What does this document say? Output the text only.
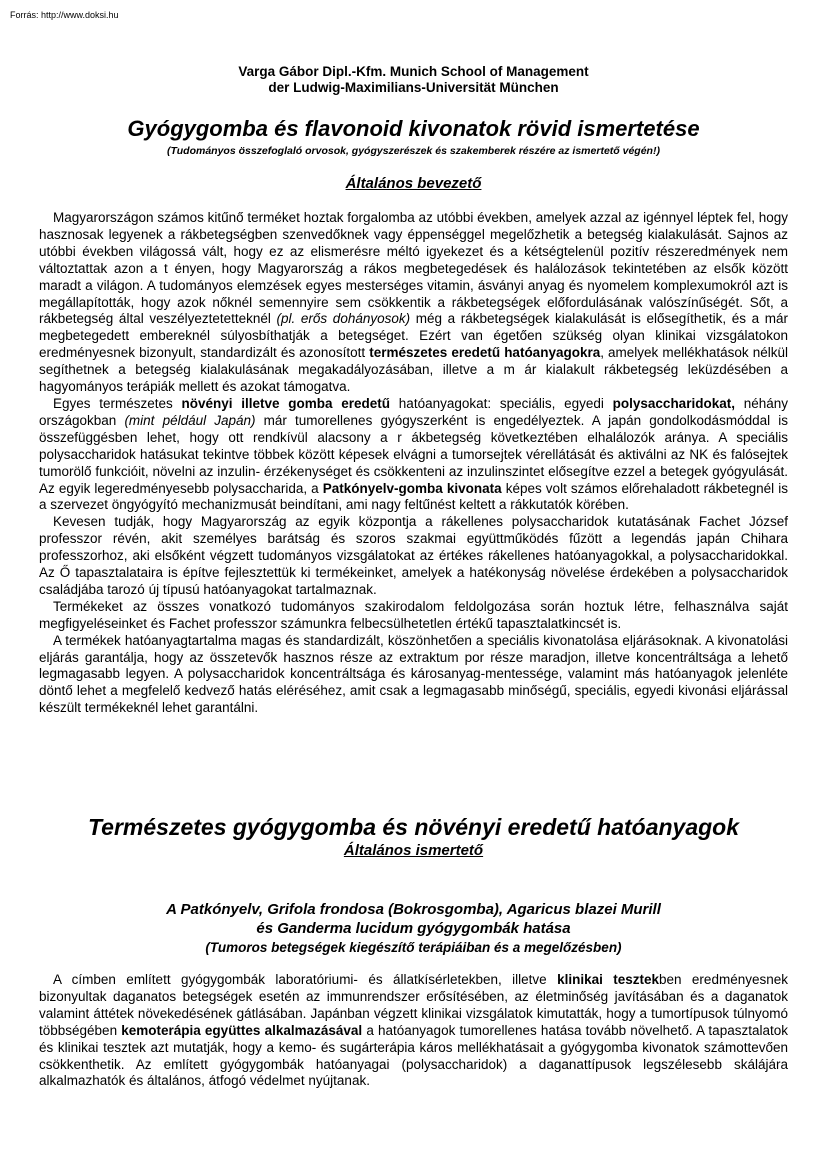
Forrás: http://www.doksi.hu

Varga Gábor Dipl.-Kfm. Munich School of Management

der Ludwig-Maximilians-Universität München

Gyógygomba és flavonoid kivonatok rövid ismertetése

(Tudományos összefoglaló orvosok, gyógyszerészek és szakemberek részére az ismertető végén!)

Általános bevezető

Magyarországon számos kitűnő terméket hoztak forgalomba az utóbbi években, amelyek azzal az igénnyel léptek fel, hogy hasznosak legyenek a rákbetegségben szenvedőknek vagy éppenséggel megelőzhetik a betegség kialakulását. Sajnos az utóbbi években világossá vált, hogy ez az elismerésre méltó igyekezet és a kétségtelenül pozitív részeredmények nem változtattak azon a t ényen, hogy Magyarország a rákos megbetegedések és halálozások tekintetében az elsők között maradt a világon. A tudományos elemzések egyes mesterséges vitamin, ásványi anyag és nyomelem komplexumokról azt is megállapították, hogy azok nőknél semennyire sem csökkentik a rákbetegségek előfordulásának valószínűségét. Sőt, a rákbetegség által veszélyeztetetteknél (pl. erős dohányosok) még a rákbetegségek kialakulását is elősegíthetik, és a már megbetegedett embereknél súlyosbíthatják a betegséget. Ezért van égetően szükség olyan klinikai vizsgálatokon eredményesnek bizonyult, standardizált és azonosított természetes eredetű hatóanyagokra, amelyek mellékhatások nélkül segíthetnek a betegség kialakulásának megakadályozásában, illetve a m ár kialakult rákbetegség leküzdésében a hagyományos terápiák mellett és azokat támogatva.

Egyes természetes növényi illetve gomba eredetű hatóanyagokat: speciális, egyedi polysaccharidokat, néhány országokban (mint például Japán) már tumorellenes gyógyszerként is engedélyeztek. A japán gondolkodásmóddal is összefüggésben lehet, hogy ott rendkívül alacsony a r ákbetegség következtében elhalálozók aránya. A speciális polysaccharidok hatásukat tekintve többek között képesek elvágni a tumorsejtek vérellátását és aktiválni az NK és falósejtek tumorölő funkcióit, növelni az inzulin- érzékenységet és csökkenteni az inzulinszintet elősegítve ezzel a betegek gyógyulását. Az egyik legeredményesebb polysaccharida, a Patkónyelv-gomba kivonata képes volt számos előrehaladott rákbetegnél is a szervezet öngyógyító mechanizmusát beindítani, ami nagy feltűnést keltett a rákkutatók körében.

Kevesen tudják, hogy Magyarország az egyik központja a rákellenes polysaccharidok kutatásának Fachet József professzor révén, akit személyes barátság és szoros szakmai együttműködés fűzött a legendás japán Chihara professzorhoz, aki elsőként végzett tudományos vizsgálatokat az értékes rákellenes hatóanyagokkal, a polysaccharidokkal. Az Ő tapasztalataira is építve fejlesztettük ki termékeinket, amelyek a hatékonyság növelése érdekében a polysaccharidok családjába tarozó új típusú hatóanyagokat tartalmaznak.

Termékeket az összes vonatkozó tudományos szakirodalom feldolgozása során hoztuk létre, felhasználva saját megfigyeléseinket és Fachet professzor számunkra felbecsülhetetlen értékű tapasztalatkincsét is.

A termékek hatóanyagtartalma magas és standardizált, köszönhetően a speciális kivonatolása eljárásoknak. A kivonatolási eljárás garantálja, hogy az összetevők hasznos része az extraktum por része maradjon, illetve koncentráltsága a lehető legmagasabb legyen. A polysaccharidok koncentráltsága és károsanyag-mentessége, valamint más hatóanyagok jelenléte döntő lehet a megfelelő kedvező hatás eléréséhez, amit csak a legmagasabb minőségű, speciális, egyedi kivonási eljárással készült termékeknél lehet garantálni.

Természetes gyógygomba és növényi eredetű hatóanyagok
Általános ismertető

A Patkónyelv, Grifola frondosa (Bokrosgomba), Agaricus blazei Murill

és Ganderma lucidum gyógygombák hatása

(Tumoros betegségek kiegészítő terápiáiban és a megelőzésben)

A címben említett gyógygombák laboratóriumi- és állatkísérletekben, illetve klinikai tesztekben eredményesnek bizonyultak daganatos betegségek esetén az immunrendszer erősítésében, az életminőség javításában és a daganatok valamint áttétek növekedésének gátlásában. Japánban végzett klinikai vizsgálatok kimutatták, hogy a tumortípusok túlnyomó többségében kemoterápia együttes alkalmazásával a hatóanyagok tumorellenes hatása tovább növelhető. A tapasztalatok és klinikai tesztek azt mutatják, hogy a kemo- és sugárterápia káros mellékhatásait a gyógygomba kivonatok számottevően csökkenthetik. Az említett gyógygombák hatóanyagai (polysaccharidok) a daganattípusok legszélesebb skálájára alkalmazhatók és általános, átfogó védelmet nyújtanak.
